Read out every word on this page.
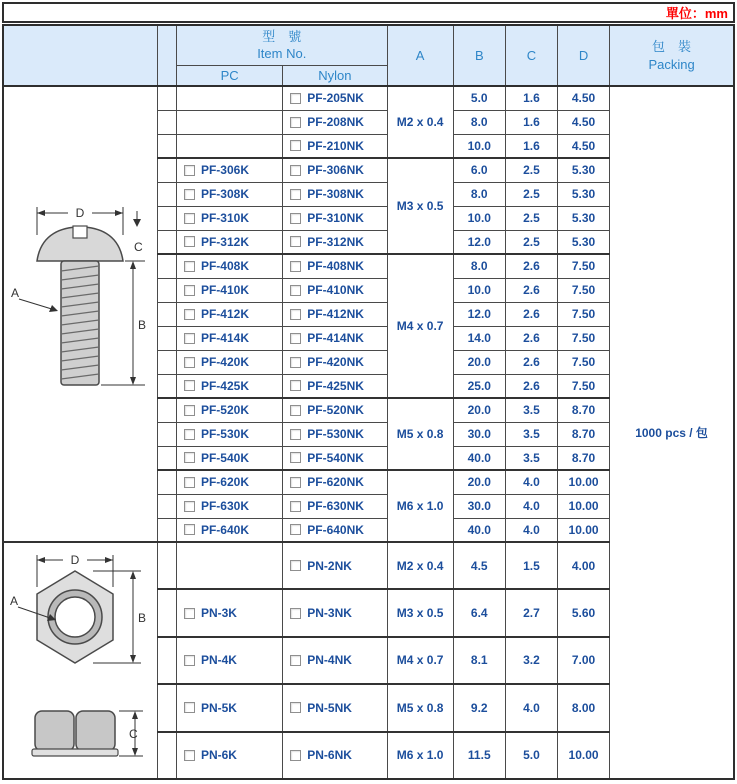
單位：mm

型　號
Item No.	A	B	C	D	
包　裝
Packing

		PC	Nylon					

D
C
B
A			PF-205NK	M2 x 0.4	5.0	1.6	4.50	1000 pcs / 包

			PF-208NK		8.0	1.6	4.50	

			PF-210NK		10.0	1.6	4.50	

		PF-306K	PF-306NK	M3 x 0.5	6.0	2.5	5.30	

		PF-308K	PF-308NK		8.0	2.5	5.30	

		PF-310K	PF-310NK		10.0	2.5	5.30	

		PF-312K	PF-312NK		12.0	2.5	5.30	

		PF-408K	PF-408NK	M4 x 0.7	8.0	2.6	7.50	

		PF-410K	PF-410NK		10.0	2.6	7.50	

		PF-412K	PF-412NK		12.0	2.6	7.50	

		PF-414K	PF-414NK		14.0	2.6	7.50	

		PF-420K	PF-420NK		20.0	2.6	7.50	

		PF-425K	PF-425NK		25.0	2.6	7.50	

		PF-520K	PF-520NK	M5 x 0.8	20.0	3.5	8.70	

		PF-530K	PF-530NK		30.0	3.5	8.70	

		PF-540K	PF-540NK		40.0	3.5	8.70	

		PF-620K	PF-620NK	M6 x 1.0	20.0	4.0	10.00	

		PF-630K	PF-630NK		30.0	4.0	10.00	

		PF-640K	PF-640NK		40.0	4.0	10.00	

D
B
A
C			PN-2NK	M2 x 0.4	4.5	1.5	4.00	

		PN-3K	PN-3NK	M3 x 0.5	6.4	2.7	5.60	

		PN-4K	PN-4NK	M4 x 0.7	8.1	3.2	7.00	

		PN-5K	PN-5NK	M5 x 0.8	9.2	4.0	8.00	

		PN-6K	PN-6NK	M6 x 1.0	11.5	5.0	10.00	
